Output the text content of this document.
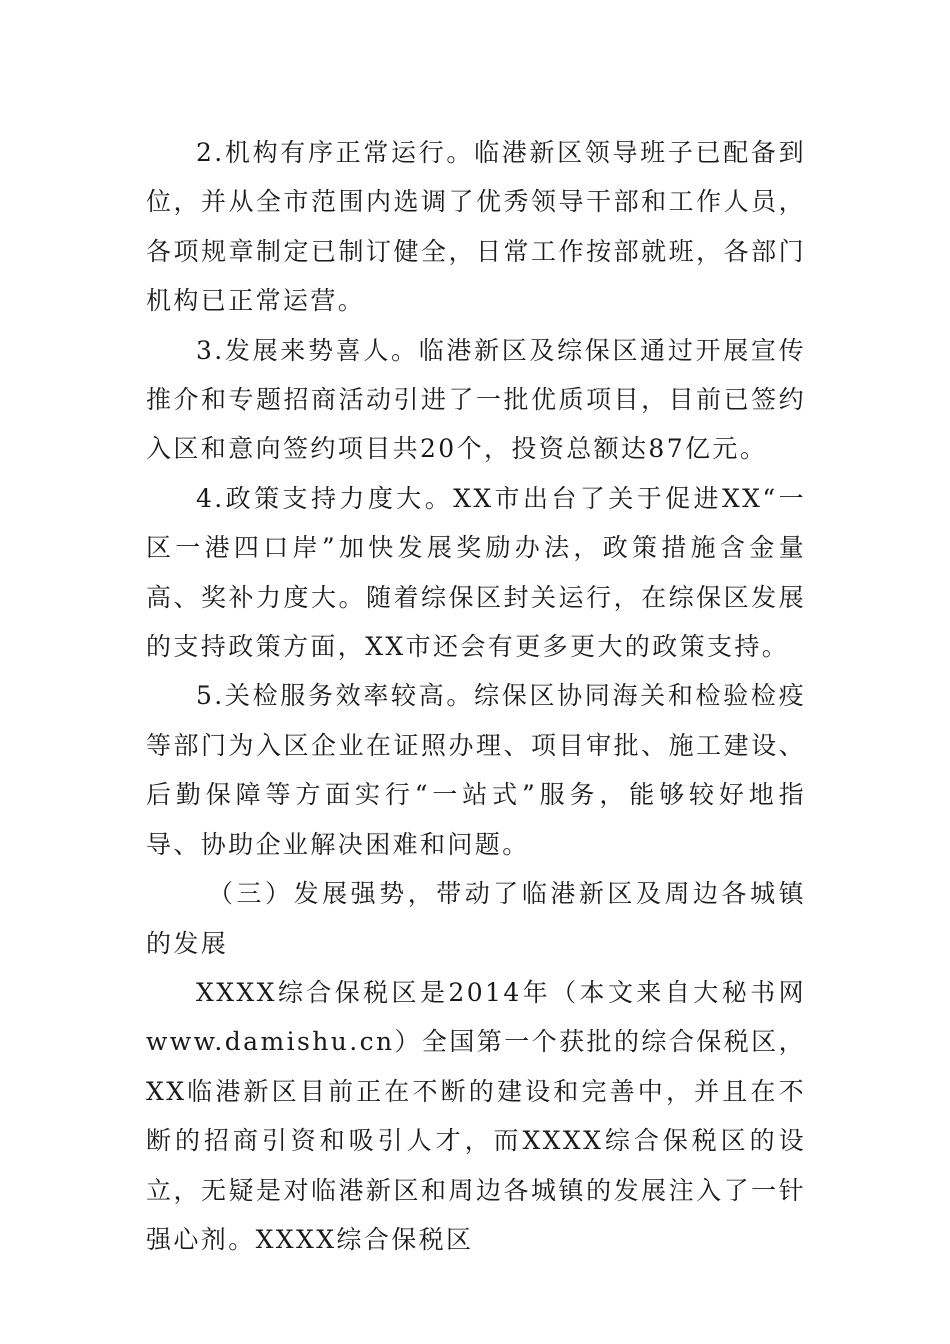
2.机构有序正常运行。临港新区领导班子已配备到位，并从全市范围内选调了优秀领导干部和工作人员，各项规章制定已制订健全，日常工作按部就班，各部门机构已正常运营。

3.发展来势喜人。临港新区及综保区通过开展宣传推介和专题招商活动引进了一批优质项目，目前已签约入区和意向签约项目共20个，投资总额达87亿元。

4.政策支持力度大。XX市出台了关于促进XX“一区一港四口岸”加快发展奖励办法，政策措施含金量高、奖补力度大。随着综保区封关运行，在综保区发展的支持政策方面，XX市还会有更多更大的政策支持。

5.关检服务效率较高。综保区协同海关和检验检疫等部门为入区企业在证照办理、项目审批、施工建设、后勤保障等方面实行“一站式”服务，能够较好地指导、协助企业解决困难和问题。

（三）发展强势，带动了临港新区及周边各城镇的发展

XXXX综合保税区是2014年（本文来自大秘书网www.damishu.cn）全国第一个获批的综合保税区，XX临港新区目前正在不断的建设和完善中，并且在不断的招商引资和吸引人才，而XXXX综合保税区的设立，无疑是对临港新区和周边各城镇的发展注入了一针强心剂。XXXX综合保税区
